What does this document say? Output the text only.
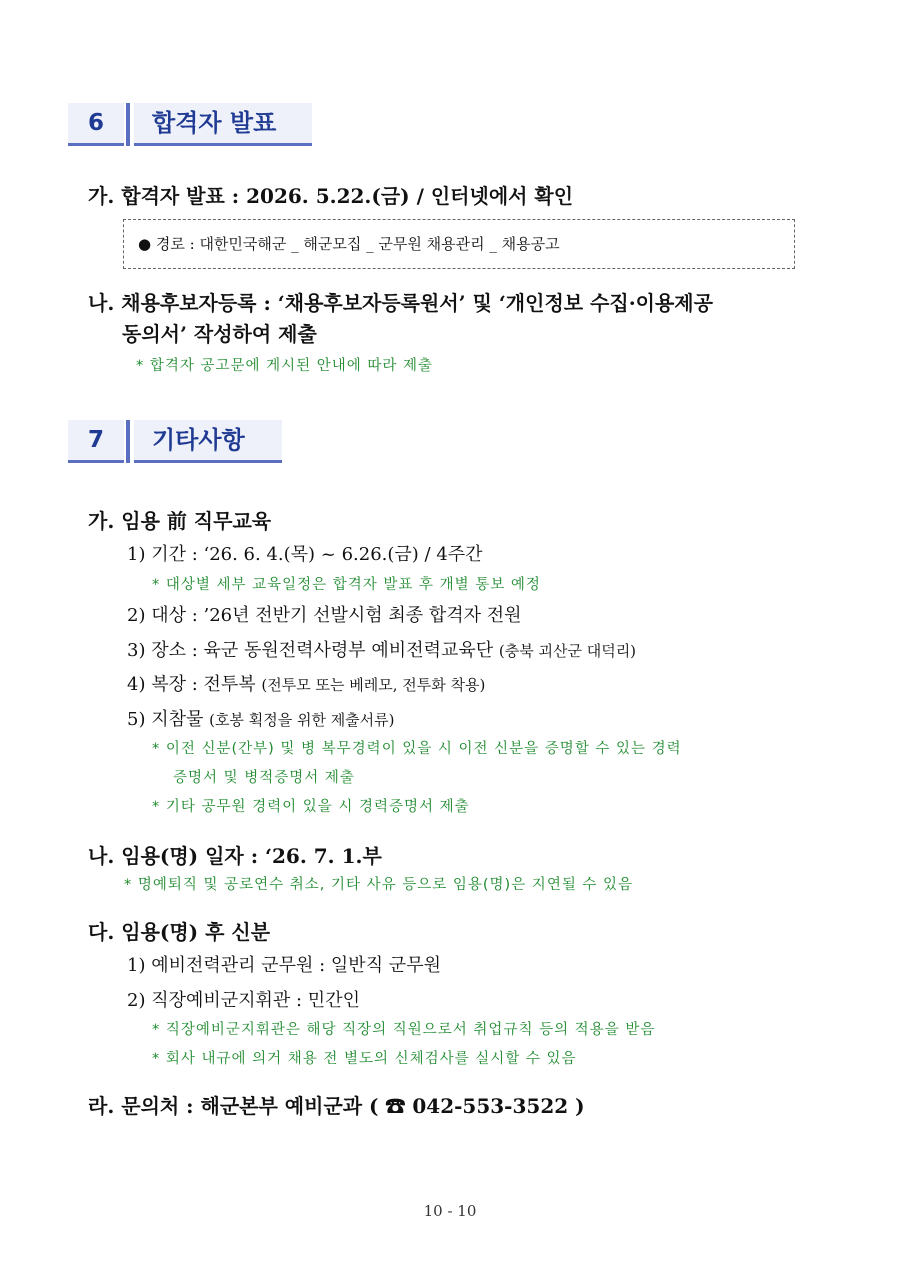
6	합격자 발표
가. 합격자 발표 : 2026. 5.22.(금) / 인터넷에서 확인
● 경로 : 대한민국해군 _ 해군모집 _ 군무원 채용관리 _ 채용공고
나. 채용후보자등록 : ‘채용후보자등록원서’ 및 ‘개인정보 수집·이용제공
동의서’ 작성하여 제출
* 합격자 공고문에 게시된 안내에 따라 제출
7	기타사항
가. 임용 前 직무교육
1) 기간 : ‘26. 6. 4.(목) ~ 6.26.(금) / 4주간
* 대상별 세부 교육일정은 합격자 발표 후 개별 통보 예정
2) 대상 : ’26년 전반기 선발시험 최종 합격자 전원
3) 장소 : 육군 동원전력사령부 예비전력교육단 (충북 괴산군 대덕리)
4) 복장 : 전투복 (전투모 또는 베레모, 전투화 착용)
5) 지참물 (호봉 획정을 위한 제출서류)
* 이전 신분(간부) 및 병 복무경력이 있을 시 이전 신분을 증명할 수 있는 경력
증명서 및 병적증명서 제출
* 기타 공무원 경력이 있을 시 경력증명서 제출
나. 임용(명) 일자 : ‘26. 7. 1.부
* 명예퇴직 및 공로연수 취소, 기타 사유 등으로 임용(명)은 지연될 수 있음
다. 임용(명) 후 신분
1) 예비전력관리 군무원 : 일반직 군무원
2) 직장예비군지휘관 : 민간인
* 직장예비군지휘관은 해당 직장의 직원으로서 취업규칙 등의 적용을 받음
* 회사 내규에 의거 채용 전 별도의 신체검사를 실시할 수 있음
라. 문의처 : 해군본부 예비군과 ( ☎ 042-553-3522 )
10 - 10
